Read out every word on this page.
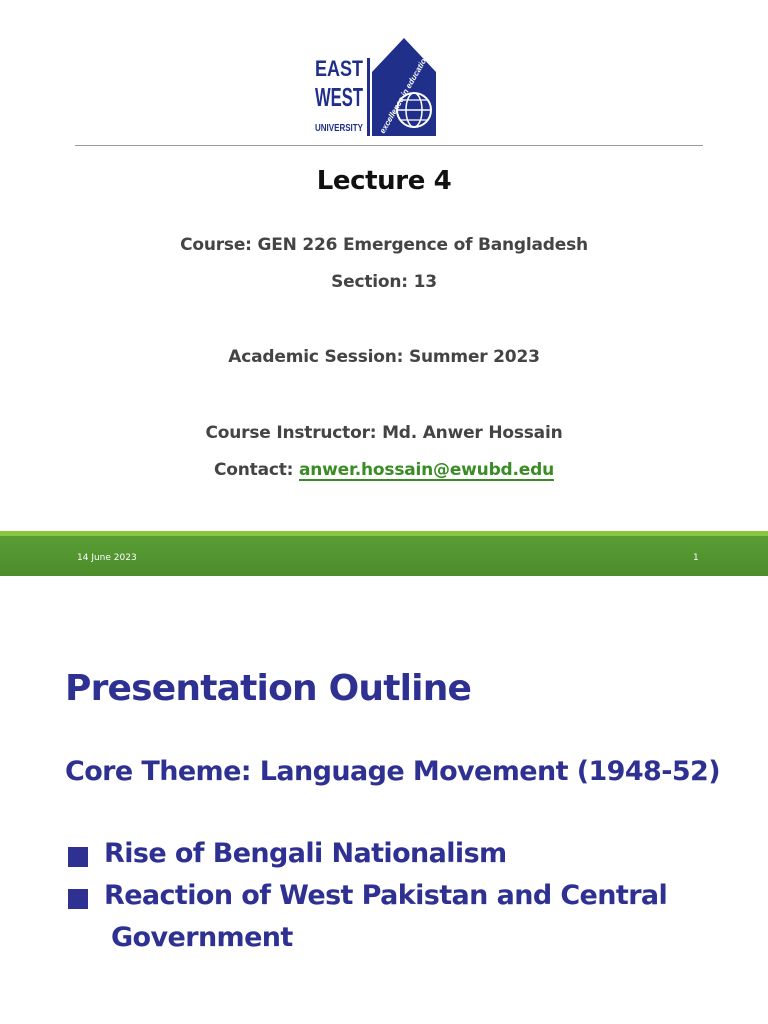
EAST
WEST
UNIVERSITY excellence in education
Lecture 4
Course: GEN 226 Emergence of Bangladesh
Section: 13
Academic Session: Summer 2023
Course Instructor: Md. Anwer Hossain
Contact: anwer.hossain@ewubd.edu
14 June 2023	1
Presentation Outline
Core Theme: Language Movement (1948-52)
Rise of Bengali Nationalism
Reaction of West Pakistan and Central
Government
